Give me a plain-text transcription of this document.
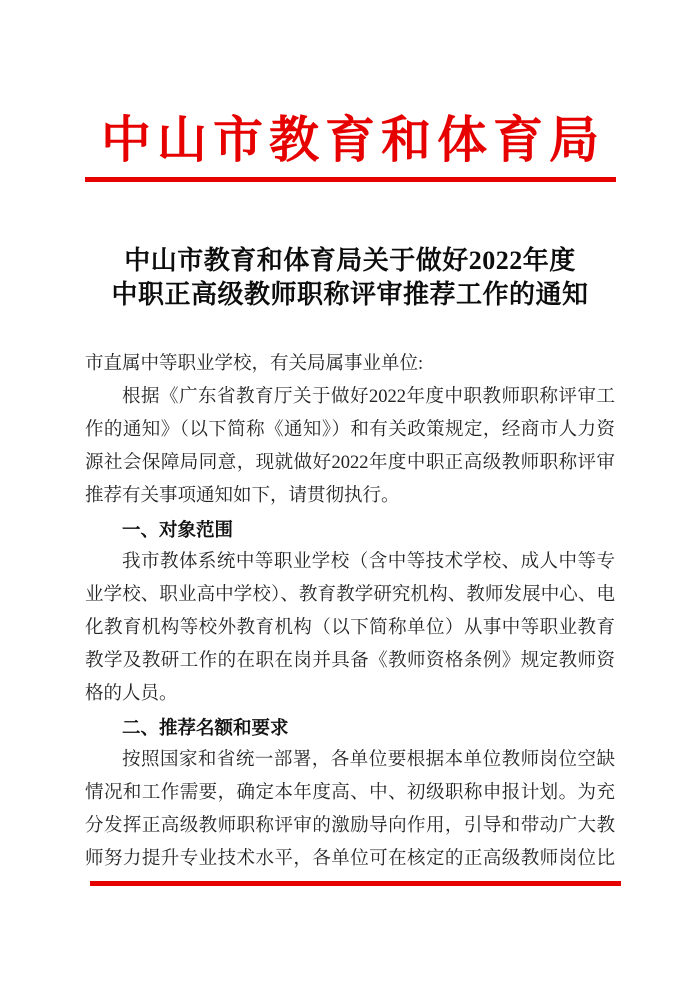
中山市教育和体育局
中山市教育和体育局关于做好2022年度
中职正高级教师职称评审推荐工作的通知

市直属中等职业学校，有关局属事业单位:

根据《广东省教育厅关于做好2022年度中职教师职称评审工作的通知》（以下简称《通知》）和有关政策规定，经商市人力资源社会保障局同意，现就做好2022年度中职正高级教师职称评审推荐有关事项通知如下，请贯彻执行。

一、对象范围

我市教体系统中等职业学校（含中等技术学校、成人中等专业学校、职业高中学校）、教育教学研究机构、教师发展中心、电化教育机构等校外教育机构（以下简称单位）从事中等职业教育教学及教研工作的在职在岗并具备《教师资格条例》规定教师资格的人员。

二、推荐名额和要求

按照国家和省统一部署，各单位要根据本单位教师岗位空缺情况和工作需要，确定本年度高、中、初级职称申报计划。为充分发挥正高级教师职称评审的激励导向作用，引导和带动广大教师努力提升专业技术水平，各单位可在核定的正高级教师岗位比
